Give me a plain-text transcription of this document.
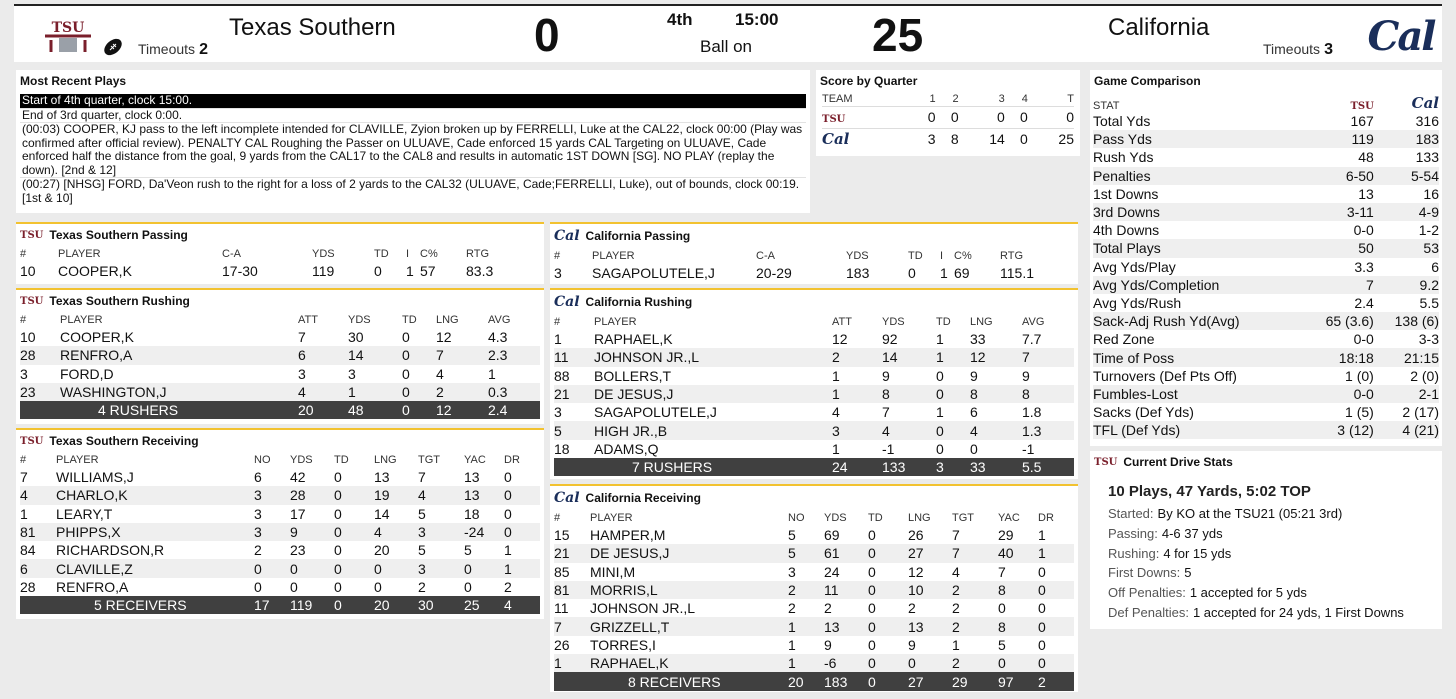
TSU	Texas Southern
Timeouts 2	0	4th	15:00
Ball on	25	California
Timeouts 3 Cal
Most Recent Plays
Start of 4th quarter, clock 15:00.
End of 3rd quarter, clock 0:00.
(00:03) COOPER, KJ pass to the left incomplete intended for CLAVILLE, Zyion broken up by FERRELLI, Luke at the CAL22, clock 00:00 (Play was confirmed after official review). PENALTY CAL Roughing the Passer on ULUAVE, Cade enforced 15 yards CAL Targeting on ULUAVE, Cade enforced half the distance from the goal, 9 yards from the CAL17 to the CAL8 and results in automatic 1ST DOWN [SG]. NO PLAY (replay the down). [2nd & 12]
(00:27) [NHSG] FORD, Da'Veon rush to the right for a loss of 2 yards to the CAL32 (ULUAVE, Cade;FERRELLI, Luke), out of bounds, clock 00:19. [1st & 10]
Score by Quarter
TEAM	1	2	3	4	T
TSU	0	0	0	0	0
Cal	3	8	14	0	25
Game Comparison
STAT	TSU	Cal
Total Yds	167	316
Pass Yds	119	183
Rush Yds	48	133
Penalties	6-50	5-54
1st Downs	13	16
3rd Downs	3-11	4-9
4th Downs	0-0	1-2
Total Plays	50	53
Avg Yds/Play	3.3	6
Avg Yds/Completion	7	9.2
Avg Yds/Rush	2.4	5.5
Sack-Adj Rush Yd(Avg)	65 (3.6)	138 (6)
Red Zone	0-0	3-3
Time of Poss	18:18	21:15
Turnovers (Def Pts Off)	1 (0)	2 (0)
Fumbles-Lost	0-0	2-1
Sacks (Def Yds)	1 (5)	2 (17)
TFL (Def Yds)	3 (12)	4 (21)
TSU Current Drive Stats
10 Plays, 47 Yards, 5:02 TOP
Started: By KO at the TSU21 (05:21 3rd)
Passing: 4-6 37 yds
Rushing: 4 for 15 yds
First Downs: 5
Off Penalties: 1 accepted for 5 yds
Def Penalties: 1 accepted for 24 yds, 1 First Downs
TSU Texas Southern Passing
#	PLAYER	C-A	YDS	TD	I	C%	RTG
10	COOPER,K	17-30	119	0	1	57	83.3
Cal California Passing
#	PLAYER	C-A	YDS	TD	I	C%	RTG
3	SAGAPOLUTELE,J	20-29	183	0	1	69	115.1
TSU Texas Southern Rushing
#	PLAYER	ATT	YDS	TD	LNG	AVG
10	COOPER,K	7	30	0	12	4.3
28	RENFRO,A	6	14	0	7	2.3
3	FORD,D	3	3	0	4	1
23	WASHINGTON,J	4	1	0	2	0.3
	4 RUSHERS	20	48	0	12	2.4
Cal California Rushing
#	PLAYER	ATT	YDS	TD	LNG	AVG
1	RAPHAEL,K	12	92	1	33	7.7
11	JOHNSON JR.,L	2	14	1	12	7
88	BOLLERS,T	1	9	0	9	9
21	DE JESUS,J	1	8	0	8	8
3	SAGAPOLUTELE,J	4	7	1	6	1.8
5	HIGH JR.,B	3	4	0	4	1.3
18	ADAMS,Q	1	-1	0	0	-1
	7 RUSHERS	24	133	3	33	5.5
TSU Texas Southern Receiving
#	PLAYER	NO	YDS	TD	LNG	TGT	YAC	DR
7	WILLIAMS,J	6	42	0	13	7	13	0
4	CHARLO,K	3	28	0	19	4	13	0
1	LEARY,T	3	17	0	14	5	18	0
81	PHIPPS,X	3	9	0	4	3	-24	0
84	RICHARDSON,R	2	23	0	20	5	5	1
6	CLAVILLE,Z	0	0	0	0	3	0	1
28	RENFRO,A	0	0	0	0	2	0	2
	5 RECEIVERS	17	119	0	20	30	25	4
Cal California Receiving
#	PLAYER	NO	YDS	TD	LNG	TGT	YAC	DR
15	HAMPER,M	5	69	0	26	7	29	1
21	DE JESUS,J	5	61	0	27	7	40	1
85	MINI,M	3	24	0	12	4	7	0
81	MORRIS,L	2	11	0	10	2	8	0
11	JOHNSON JR.,L	2	2	0	2	2	0	0
7	GRIZZELL,T	1	13	0	13	2	8	0
26	TORRES,I	1	9	0	9	1	5	0
1	RAPHAEL,K	1	-6	0	0	2	0	0
	8 RECEIVERS	20	183	0	27	29	97	2
